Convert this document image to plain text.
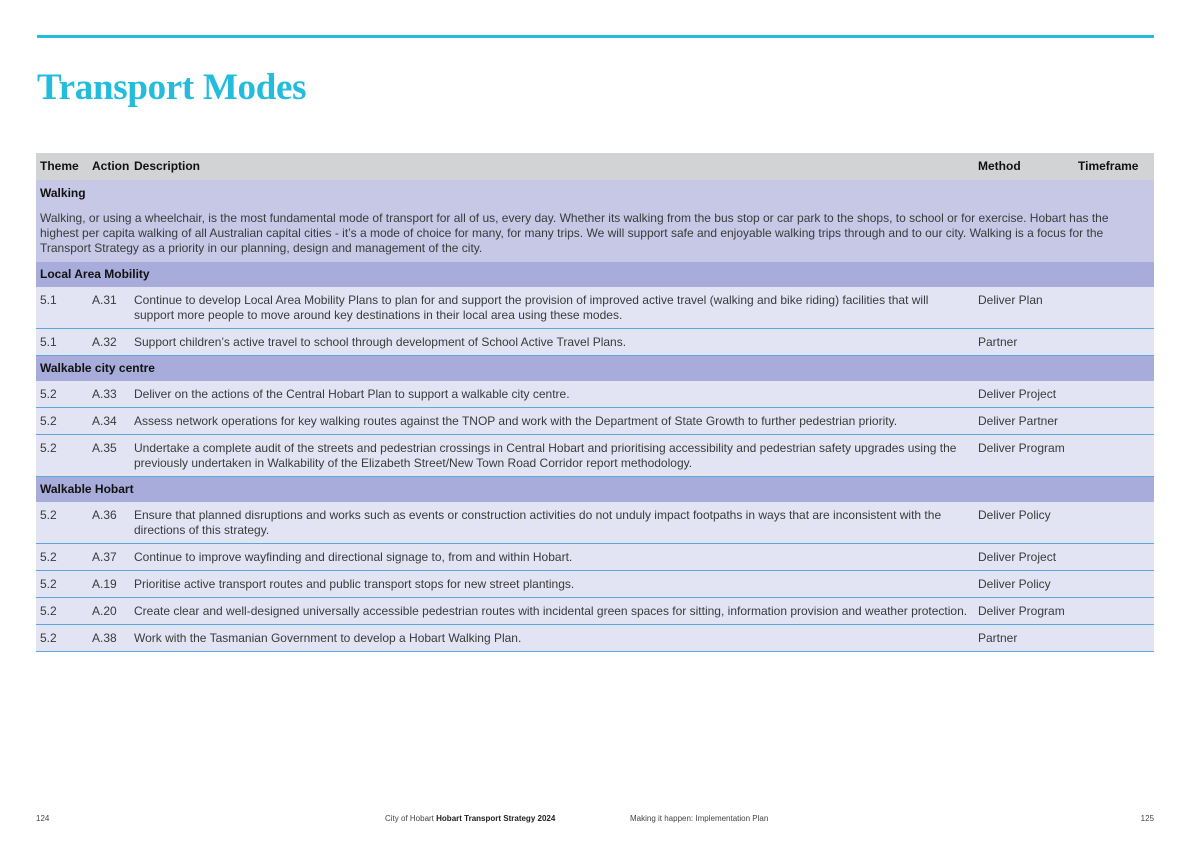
Transport Modes
Theme	Action	Description	Method	Timeframe
Walking				
Walking, or using a wheelchair, is the most fundamental mode of transport for all of us, every day. Whether its walking from the bus stop or car park to the shops, to school or for exercise. Hobart has the highest per capita walking of all Australian capital cities - it’s a mode of choice for many, for many trips. We will support safe and enjoyable walking trips through and to our city. Walking is a focus for the Transport Strategy as a priority in our planning, design and management of the city.				
Local Area Mobility				
5.1	A.31	Continue to develop Local Area Mobility Plans to plan for and support the provision of improved active travel (walking and bike riding) facilities that will support more people to move around key destinations in their local area using these modes.	Deliver Plan	
5.1	A.32	Support children’s active travel to school through development of School Active Travel Plans.	Partner	
Walkable city centre				
5.2	A.33	Deliver on the actions of the Central Hobart Plan to support a walkable city centre.	Deliver Project	
5.2	A.34	Assess network operations for key walking routes against the TNOP and work with the Department of State Growth to further pedestrian priority.	Deliver Partner	
5.2	A.35	Undertake a complete audit of the streets and pedestrian crossings in Central Hobart and prioritising accessibility and pedestrian safety upgrades using the previously undertaken in Walkability of the Elizabeth Street/New Town Road Corridor report methodology.	Deliver Program	
Walkable Hobart				
5.2	A.36	Ensure that planned disruptions and works such as events or construction activities do not unduly impact footpaths in ways that are inconsistent with the directions of this strategy.	Deliver Policy	
5.2	A.37	Continue to improve wayfinding and directional signage to, from and within Hobart.	Deliver Project	
5.2	A.19	Prioritise active transport routes and public transport stops for new street plantings.	Deliver Policy	
5.2	A.20	Create clear and well-designed universally accessible pedestrian routes with incidental green spaces for sitting, information provision and weather protection.	Deliver Program	
5.2	A.38	Work with the Tasmanian Government to develop a Hobart Walking Plan.	Partner	
124	City of Hobart Hobart Transport Strategy 2024	Making it happen: Implementation Plan	125
